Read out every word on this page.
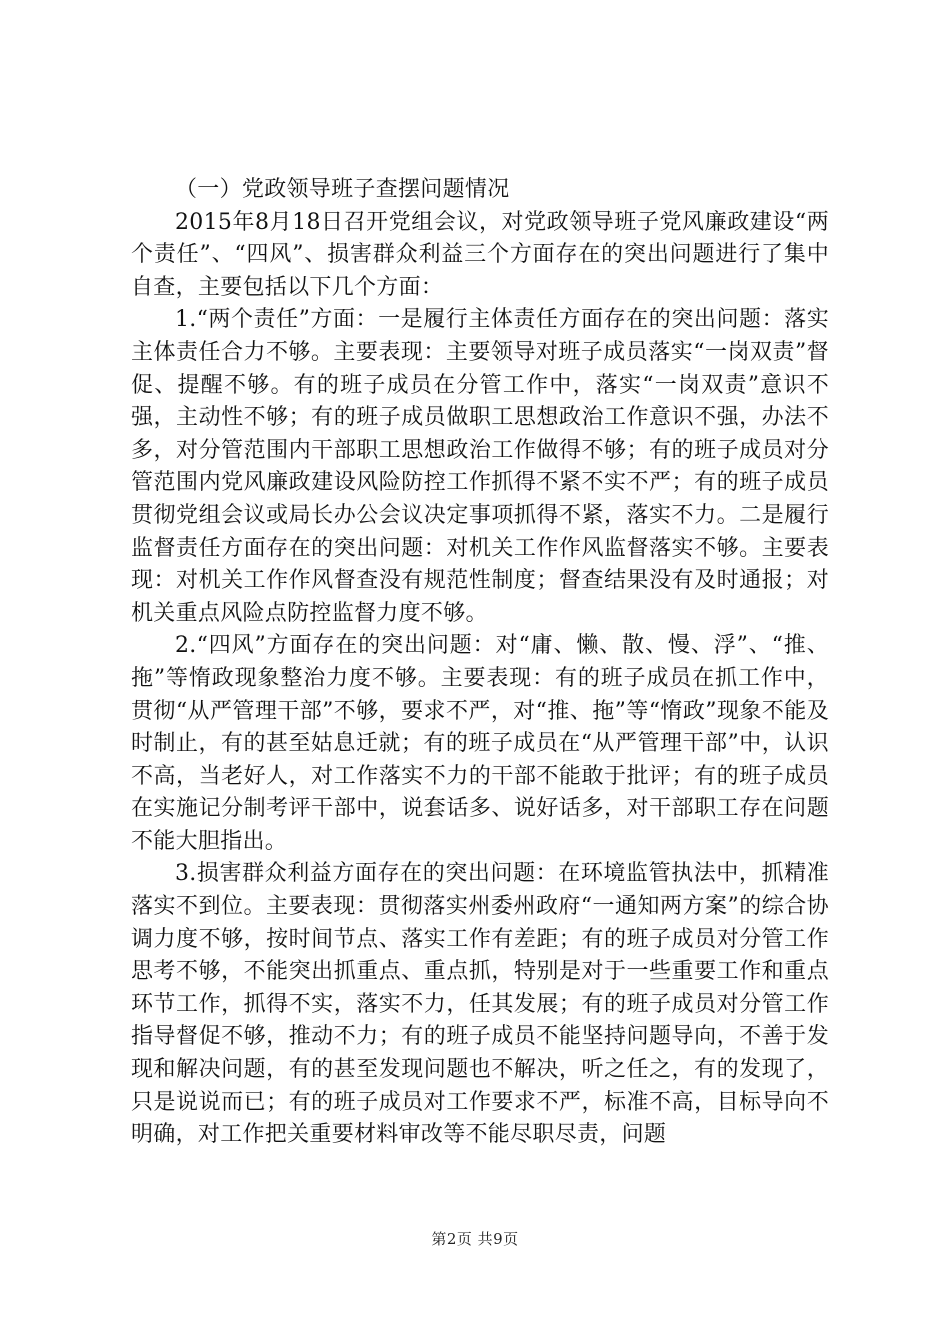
（一）党政领导班子查摆问题情况

2015年8月18日召开党组会议，对党政领导班子党风廉政建设“两个责任”、“四风”、损害群众利益三个方面存在的突出问题进行了集中自查，主要包括以下几个方面：

1.“两个责任”方面：一是履行主体责任方面存在的突出问题：落实主体责任合力不够。主要表现：主要领导对班子成员落实“一岗双责”督促、提醒不够。有的班子成员在分管工作中，落实“一岗双责”意识不强，主动性不够；有的班子成员做职工思想政治工作意识不强，办法不多，对分管范围内干部职工思想政治工作做得不够；有的班子成员对分管范围内党风廉政建设风险防控工作抓得不紧不实不严；有的班子成员贯彻党组会议或局长办公会议决定事项抓得不紧，落实不力。二是履行监督责任方面存在的突出问题：对机关工作作风监督落实不够。主要表现：对机关工作作风督查没有规范性制度；督查结果没有及时通报；对机关重点风险点防控监督力度不够。

2.“四风”方面存在的突出问题：对“庸、懒、散、慢、浮”、“推、拖”等惰政现象整治力度不够。主要表现：有的班子成员在抓工作中，贯彻“从严管理干部”不够，要求不严，对“推、拖”等“惰政”现象不能及时制止，有的甚至姑息迁就；有的班子成员在“从严管理干部”中，认识不高，当老好人，对工作落实不力的干部不能敢于批评；有的班子成员在实施记分制考评干部中，说套话多、说好话多，对干部职工存在问题不能大胆指出。

3.损害群众利益方面存在的突出问题：在环境监管执法中，抓精准落实不到位。主要表现：贯彻落实州委州政府“一通知两方案”的综合协调力度不够，按时间节点、落实工作有差距；有的班子成员对分管工作思考不够，不能突出抓重点、重点抓，特别是对于一些重要工作和重点环节工作，抓得不实，落实不力，任其发展；有的班子成员对分管工作指导督促不够，推动不力；有的班子成员不能坚持问题导向，不善于发现和解决问题，有的甚至发现问题也不解决，听之任之，有的发现了，只是说说而已；有的班子成员对工作要求不严，标准不高，目标导向不明确，对工作把关重要材料审改等不能尽职尽责，问题

第2页 共9页
